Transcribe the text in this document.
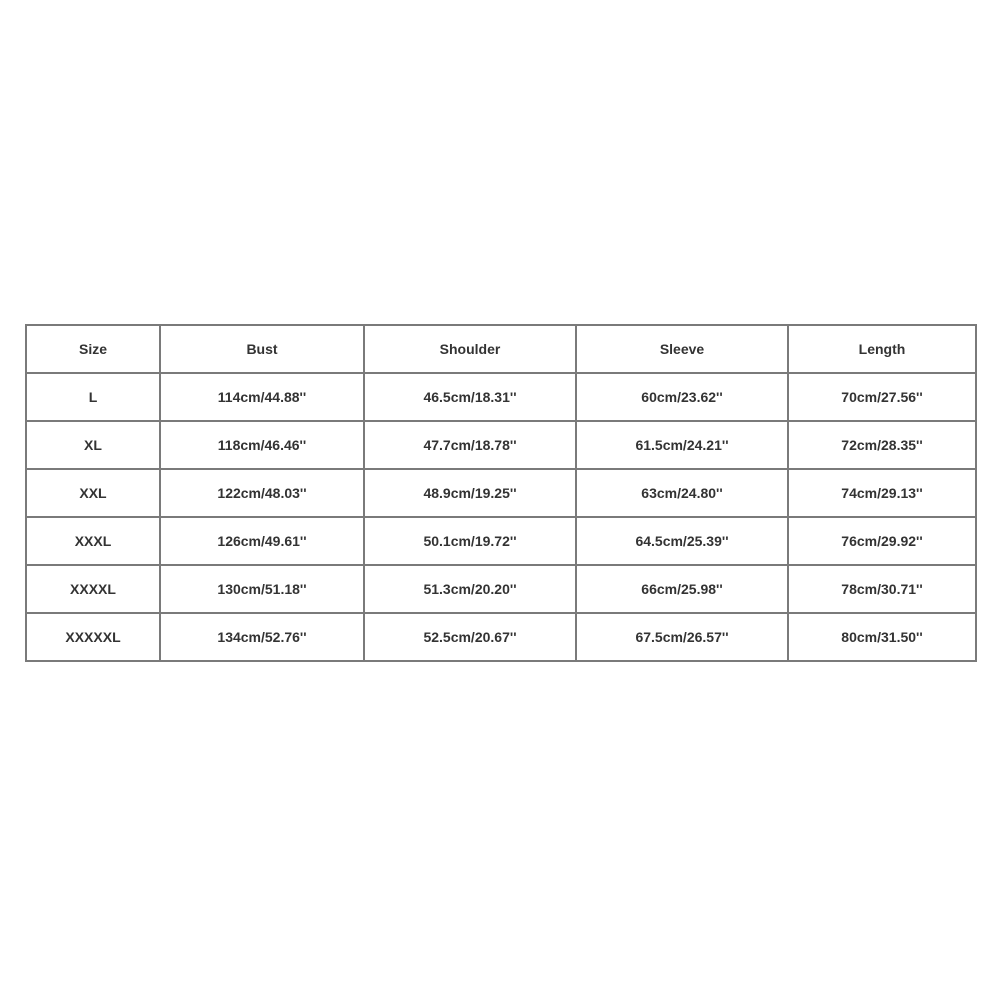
Size	Bust	Shoulder	Sleeve	Length
L	114cm/44.88''	46.5cm/18.31''	60cm/23.62''	70cm/27.56''
XL	118cm/46.46''	47.7cm/18.78''	61.5cm/24.21''	72cm/28.35''
XXL	122cm/48.03''	48.9cm/19.25''	63cm/24.80''	74cm/29.13''
XXXL	126cm/49.61''	50.1cm/19.72''	64.5cm/25.39''	76cm/29.92''
XXXXL	130cm/51.18''	51.3cm/20.20''	66cm/25.98''	78cm/30.71''
XXXXXL	134cm/52.76''	52.5cm/20.67''	67.5cm/26.57''	80cm/31.50''
